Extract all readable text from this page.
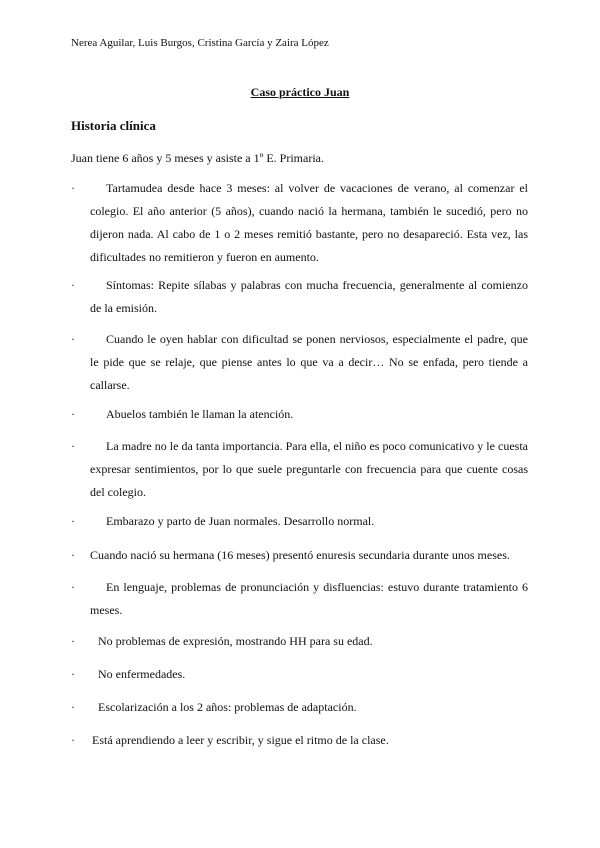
Nerea Aguilar, Luis Burgos, Cristina García y Zaira López
Caso práctico Juan
Historia clínica
Juan tiene 6 años y 5 meses y asiste a 1º E. Primaria.
·	Tartamudea desde hace 3 meses: al volver de vacaciones de verano, al comenzar el colegio. El año anterior (5 años), cuando nació la hermana, también le sucedió, pero no dijeron nada. Al cabo de 1 o 2 meses remitió bastante, pero no desapareció. Esta vez, las dificultades no remitieron y fueron en aumento.
·	Síntomas: Repite sílabas y palabras con mucha frecuencia, generalmente al comienzo de la emisión.
·	Cuando le oyen hablar con dificultad se ponen nerviosos, especialmente el padre, que le pide que se relaje, que piense antes lo que va a decir… No se enfada, pero tiende a callarse.
·	Abuelos también le llaman la atención.
·	La madre no le da tanta importancia. Para ella, el niño es poco comunicativo y le cuesta expresar sentimientos, por lo que suele preguntarle con frecuencia para que cuente cosas del colegio.
·	Embarazo y parto de Juan normales. Desarrollo normal.
·	Cuando nació su hermana (16 meses) presentó enuresis secundaria durante unos meses.
·	En lenguaje, problemas de pronunciación y disfluencias: estuvo durante tratamiento 6 meses.
·	No problemas de expresión, mostrando HH para su edad.
·	No enfermedades.
·	Escolarización a los 2 años: problemas de adaptación.
·	Está aprendiendo a leer y escribir, y sigue el ritmo de la clase.
